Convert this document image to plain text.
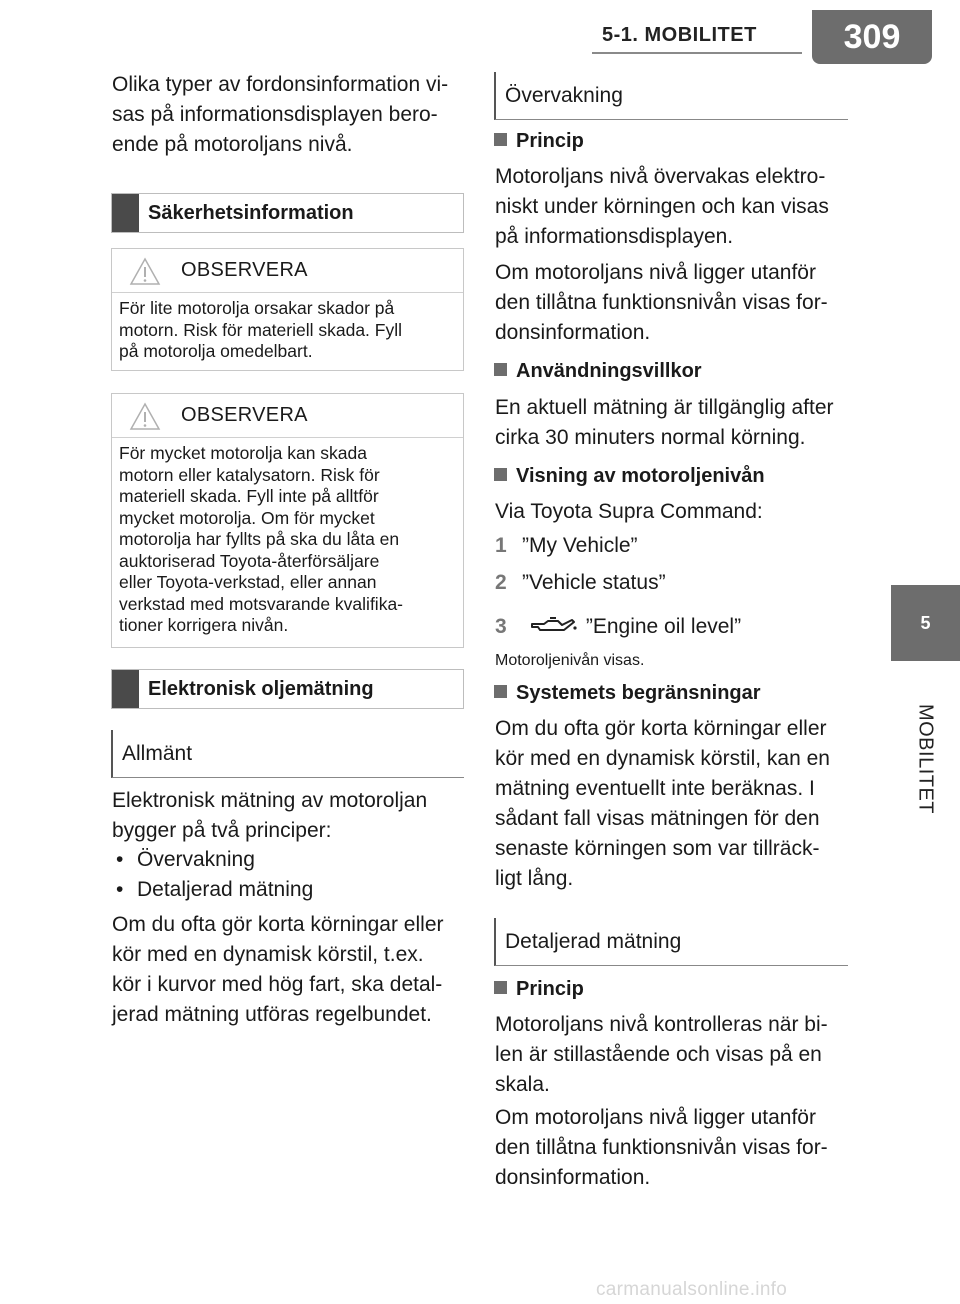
5-1. MOBILITET	309
5
MOBILITET
Olika typer av fordonsinformation vi-
sas på informationsdisplayen bero-
ende på motoroljans nivå.
Säkerhetsinformation
OBSERVERA
För lite motorolja orsakar skador på
motorn. Risk för materiell skada. Fyll
på motorolja omedelbart.
OBSERVERA
För mycket motorolja kan skada
motorn eller katalysatorn. Risk för
materiell skada. Fyll inte på alltför
mycket motorolja. Om för mycket
motorolja har fyllts på ska du låta en
auktoriserad Toyota-återförsäljare
eller Toyota-verkstad, eller annan
verkstad med motsvarande kvalifika-
tioner korrigera nivån.
Elektronisk oljemätning
Allmänt
Elektronisk mätning av motoroljan
bygger på två principer:
• Övervakning
• Detaljerad mätning
Om du ofta gör korta körningar eller
kör med en dynamisk körstil, t.ex.
kör i kurvor med hög fart, ska detal-
jerad mätning utföras regelbundet.
Övervakning
Princip
Motoroljans nivå övervakas elektro-
niskt under körningen och kan visas
på informationsdisplayen.
Om motoroljans nivå ligger utanför
den tillåtna funktionsnivån visas for-
donsinformation.
Användningsvillkor
En aktuell mätning är tillgänglig after
cirka 30 minuters normal körning.
Visning av motoroljenivån
Via Toyota Supra Command:
1 ”My Vehicle”
2 ”Vehicle status”
3	”Engine oil level”
Motoroljenivån visas.
Systemets begränsningar
Om du ofta gör korta körningar eller
kör med en dynamisk körstil, kan en
mätning eventuellt inte beräknas. I
sådant fall visas mätningen för den
senaste körningen som var tillräck-
ligt lång.
Detaljerad mätning
Princip
Motoroljans nivå kontrolleras när bi-
len är stillastående och visas på en
skala.
Om motoroljans nivå ligger utanför
den tillåtna funktionsnivån visas for-
donsinformation.
carmanualsonline.info
